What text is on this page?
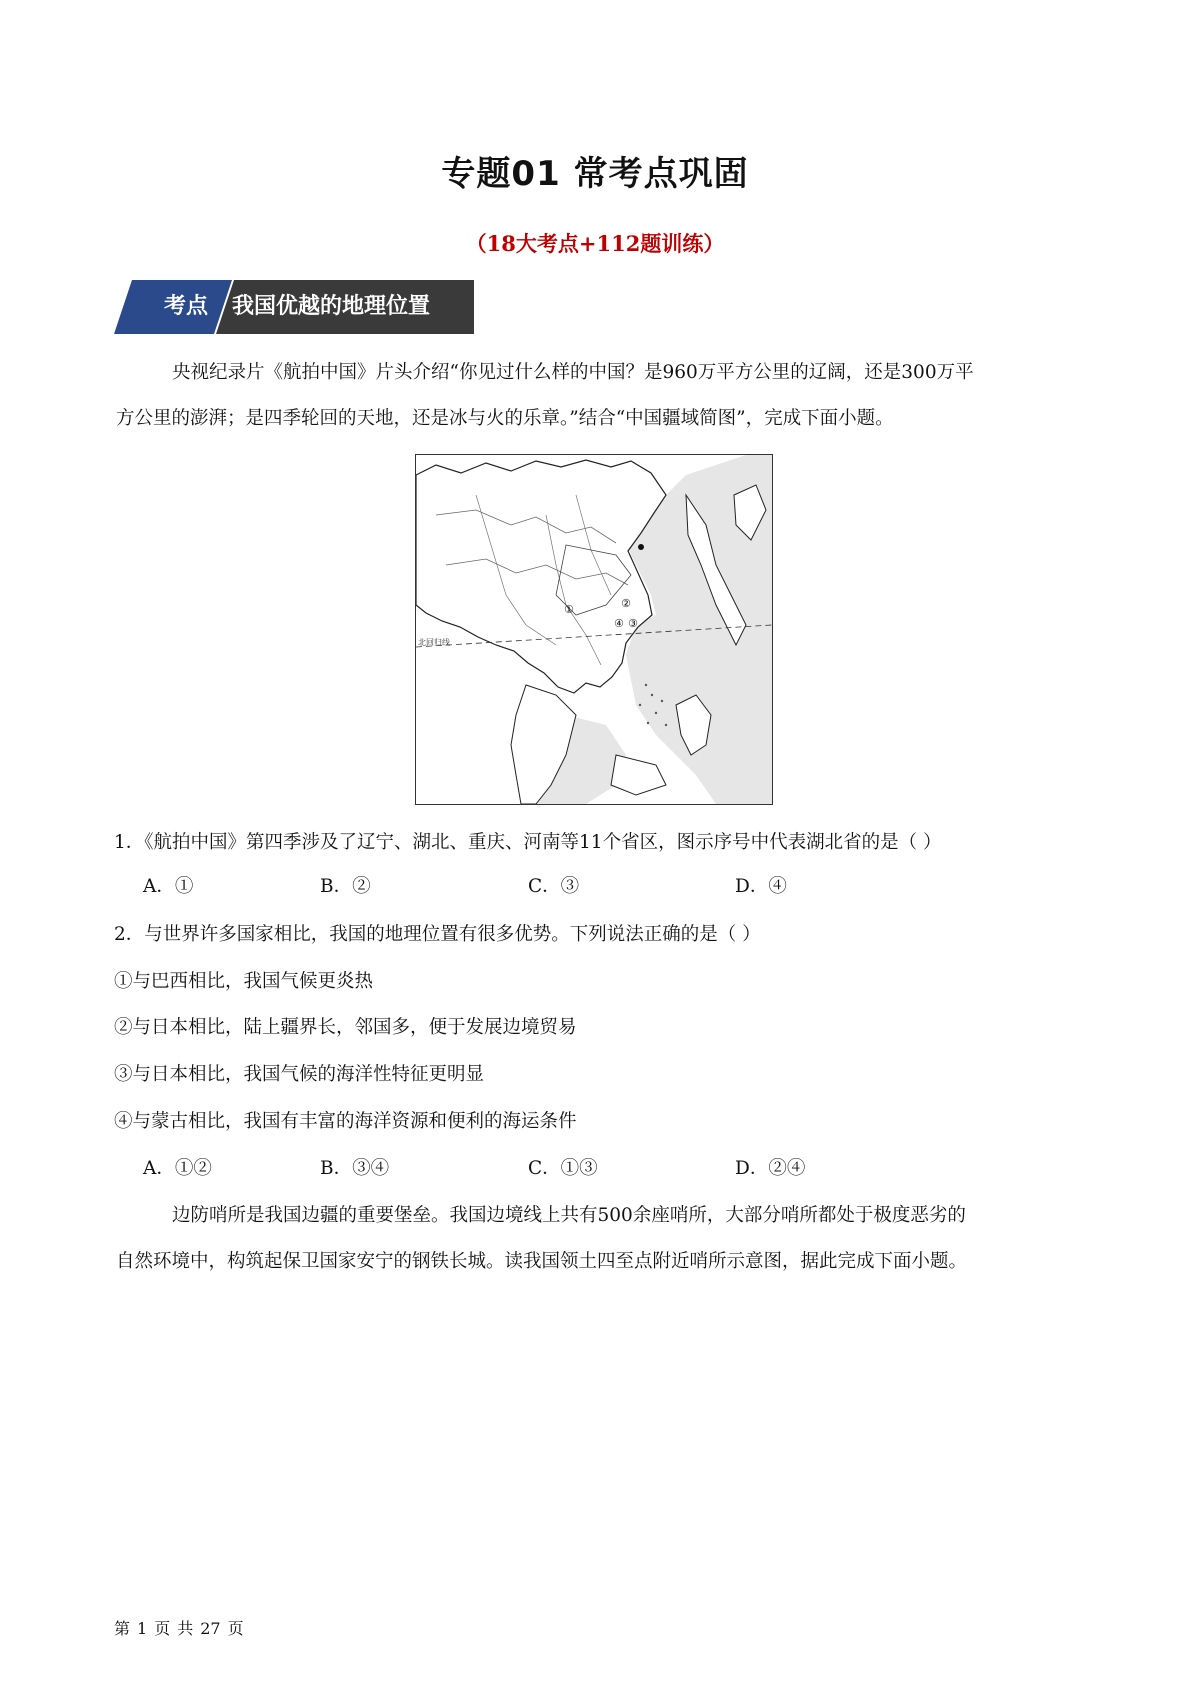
专题01 常考点巩固
（18大考点+112题训练）
考点	我国优越的地理位置
央视纪录片《航拍中国》片头介绍“你见过什么样的中国？是960万平方公里的辽阔，还是300万平
方公里的澎湃；是四季轮回的天地，还是冰与火的乐章。”结合“中国疆域简图”，完成下面小题。
北回归线
①	②
③
④
1．《航拍中国》第四季涉及了辽宁、湖北、重庆、河南等11个省区，图示序号中代表湖北省的是（ ）
A．①	B．②	C．③	D．④
2．与世界许多国家相比，我国的地理位置有很多优势。下列说法正确的是（ ）
①与巴西相比，我国气候更炎热
②与日本相比，陆上疆界长，邻国多，便于发展边境贸易
③与日本相比，我国气候的海洋性特征更明显
④与蒙古相比，我国有丰富的海洋资源和便利的海运条件
A．①②	B．③④	C．①③	D．②④
边防哨所是我国边疆的重要堡垒。我国边境线上共有500余座哨所，大部分哨所都处于极度恶劣的
自然环境中，构筑起保卫国家安宁的钢铁长城。读我国领土四至点附近哨所示意图，据此完成下面小题。
第 1 页 共 27 页
